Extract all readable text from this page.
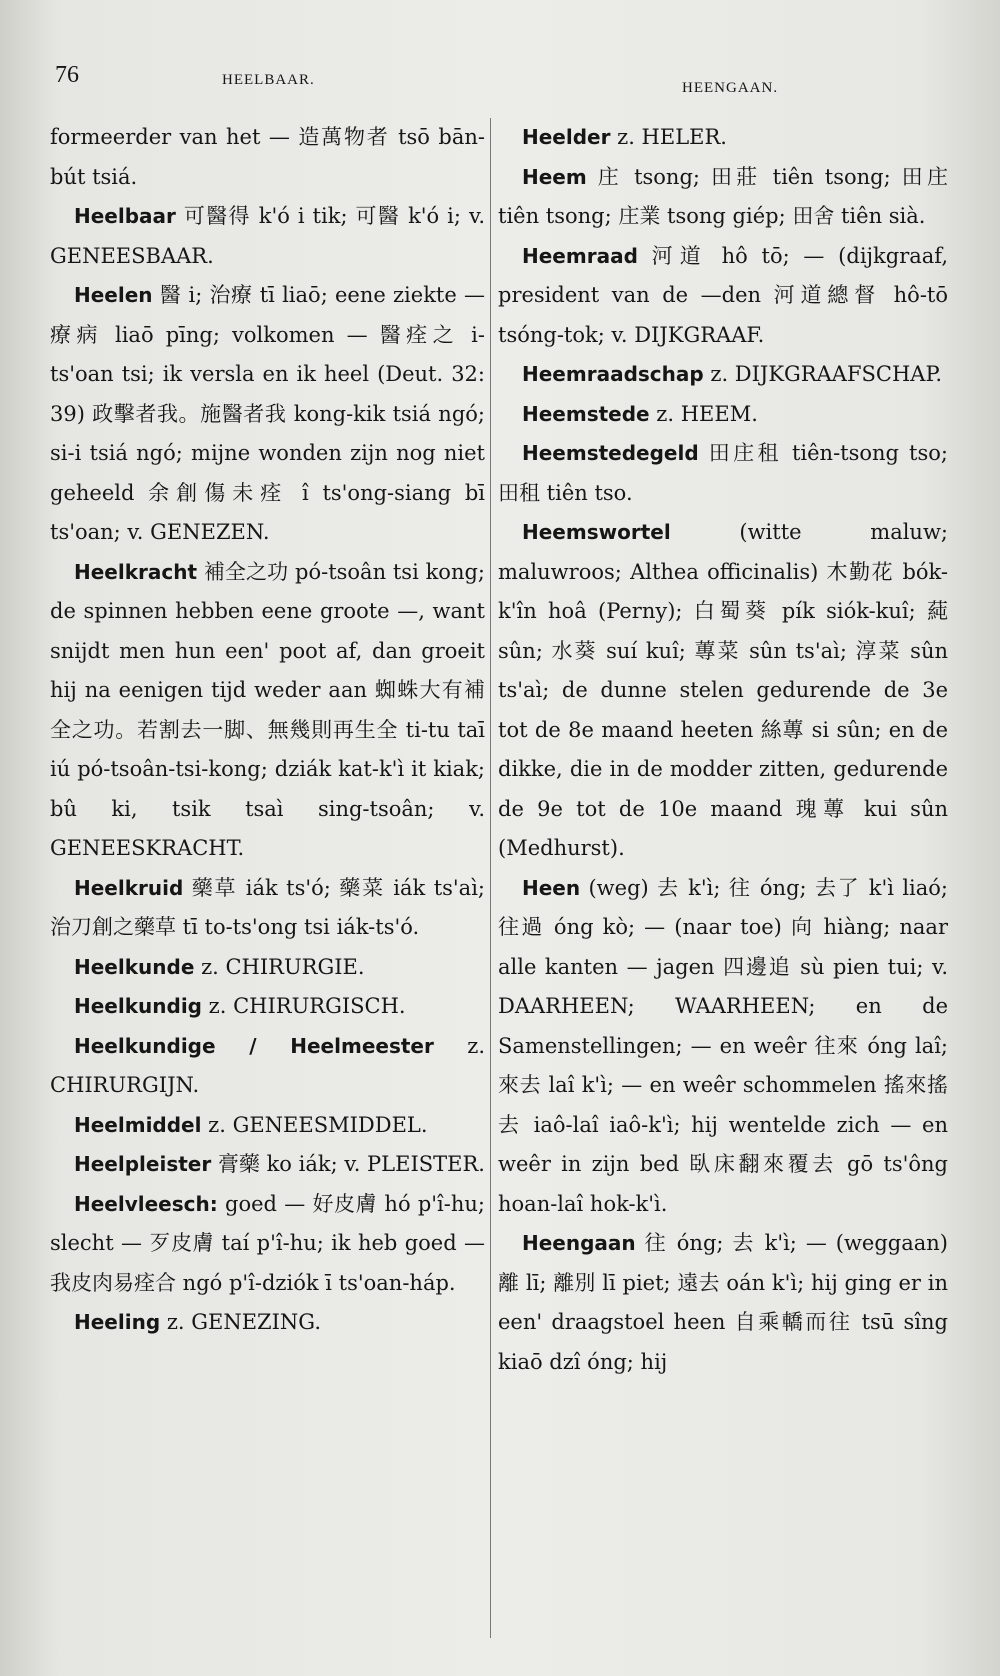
76	HEELBAAR.	HEENGAAN.

formeerder van het — 造萬物者 tsō bān-bút tsiá.

Heelbaar 可醫得 k'ó i tik; 可醫 k'ó i; v. GENEESBAAR.

Heelen 醫 i; 治療 tī liaō; eene ziekte — 療病 liaō pīng; volkomen — 醫痊之 i-ts'oan tsi; ik versla en ik heel (Deut. 32: 39) 政擊者我。施醫者我 kong-kik tsiá ngó; si-i tsiá ngó; mijne wonden zijn nog niet geheeld 余創傷未痊 î ts'ong-siang bī ts'oan; v. GENEZEN.

Heelkracht 補全之功 pó-tsoân tsi kong; de spinnen hebben eene groote —, want snijdt men hun een' poot af, dan groeit hij na eenigen tijd weder aan 蜘蛛大有補全之功。若割去一脚、無幾則再生全 ti-tu taī iú pó-tsoân-tsi-kong; dziák kat-k'ì it kiak; bû ki, tsik tsaì sing-tsoân; v. GENEESKRACHT.

Heelkruid 藥草 iák ts'ó; 藥菜 iák ts'aì; 治刀創之藥草 tī to-ts'ong tsi iák-ts'ó.

Heelkunde z. CHIRURGIE.

Heelkundig z. CHIRURGISCH.

Heelkundige / Heelmeester z. CHIRURGIJN.

Heelmiddel z. GENEESMIDDEL.

Heelpleister 膏藥 ko iák; v. PLEISTER.

Heelvleesch: goed — 好皮膚 hó p'î-hu; slecht — 歹皮膚 taí p'î-hu; ik heb goed — 我皮肉易痊合 ngó p'î-dziók ī ts'oan-háp.

Heeling z. GENEZING.

Heelder z. HELER.

Heem 庄 tsong; 田莊 tiên tsong; 田庄 tiên tsong; 庄業 tsong giép; 田舍 tiên sià.

Heemraad 河道 hô tō; — (dijkgraaf, president van de —den 河道總督 hô-tō tsóng-tok; v. DIJKGRAAF.

Heemraadschap z. DIJKGRAAFSCHAP.

Heemstede z. HEEM.

Heemstedegeld 田庄租 tiên-tsong tso; 田租 tiên tso.

Heemswortel (witte maluw; maluwroos; Althea officinalis) 木勤花 bók-k'în hoâ (Perny); 白蜀葵 pík siók-kuî; 蒓 sûn; 水葵 suí kuî; 蓴菜 sûn ts'aì; 淳菜 sûn ts'aì; de dunne stelen gedurende de 3e tot de 8e maand heeten 絲蓴 si sûn; en de dikke, die in de modder zitten, gedurende de 9e tot de 10e maand 瑰蓴 kui sûn (Medhurst).

Heen (weg) 去 k'ì; 往 óng; 去了 k'ì liaó; 往過 óng kò; — (naar toe) 向 hiàng; naar alle kanten — jagen 四邊追 sù pien tui; v. DAARHEEN; WAARHEEN; en de Samenstellingen; — en weêr 往來 óng laî; 來去 laî k'ì; — en weêr schommelen 搖來搖去 iaô-laî iaô-k'ì; hij wentelde zich — en weêr in zijn bed 臥床翻來覆去 gō ts'ông hoan-laî hok-k'ì.

Heengaan 往 óng; 去 k'ì; — (weggaan) 離 lī; 離別 lī piet; 遠去 oán k'ì; hij ging er in een' draagstoel heen 自乘轎而往 tsū sîng kiaō dzî óng; hij
